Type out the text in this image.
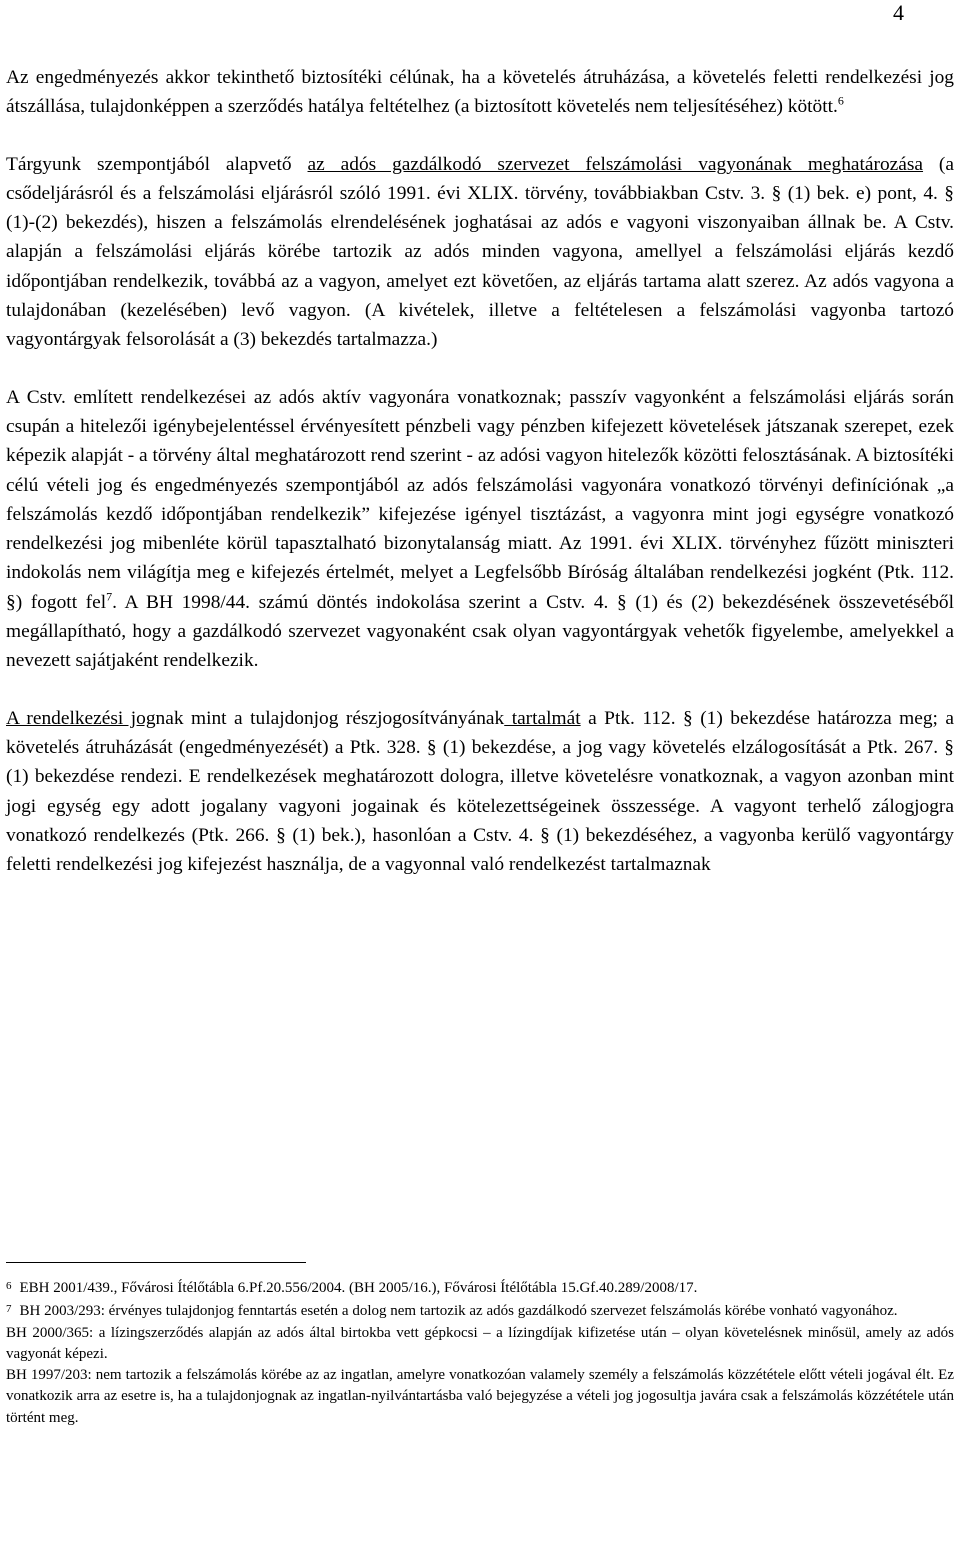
4

Az engedményezés akkor tekinthető biztosítéki célúnak, ha a követelés átruházása, a követelés feletti rendelkezési jog átszállása, tulajdonképpen a szerződés hatálya feltételhez (a biztosított követelés nem teljesítéséhez) kötött.$^6$

Tárgyunk szempontjából alapvető az adós gazdálkodó szervezet felszámolási vagyonának meghatározása (a csődeljárásról és a felszámolási eljárásról szóló 1991. évi XLIX. törvény, továbbiakban Cstv. 3. § (1) bek. e) pont, 4. § (1)-(2) bekezdés), hiszen a felszámolás elrendelésének joghatásai az adós e vagyoni viszonyaiban állnak be. A Cstv. alapján a felszámolási eljárás körébe tartozik az adós minden vagyona, amellyel a felszámolási eljárás kezdő időpontjában rendelkezik, továbbá az a vagyon, amelyet ezt követően, az eljárás tartama alatt szerez. Az adós vagyona a tulajdonában (kezelésében) levő vagyon. (A kivételek, illetve a feltételesen a felszámolási vagyonba tartozó vagyontárgyak felsorolását a (3) bekezdés tartalmazza.)

A Cstv. említett rendelkezései az adós aktív vagyonára vonatkoznak; passzív vagyonként a felszámolási eljárás során csupán a hitelezői igénybejelentéssel érvényesített pénzbeli vagy pénzben kifejezett követelések játszanak szerepet, ezek képezik alapját - a törvény által meghatározott rend szerint - az adósi vagyon hitelezők közötti felosztásának. A biztosítéki célú vételi jog és engedményezés szempontjából az adós felszámolási vagyonára vonatkozó törvényi definíciónak „a felszámolás kezdő időpontjában rendelkezik” kifejezése igényel tisztázást, a vagyonra mint jogi egységre vonatkozó rendelkezési jog mibenléte körül tapasztalható bizonytalanság miatt. Az 1991. évi XLIX. törvényhez fűzött miniszteri indokolás nem világítja meg e kifejezés értelmét, melyet a Legfelsőbb Bíróság általában rendelkezési jogként (Ptk. 112. §) fogott fel$^7$. A BH 1998/44. számú döntés indokolása szerint a Cstv. 4. § (1) és (2) bekezdésének összevetéséből megállapítható, hogy a gazdálkodó szervezet vagyonaként csak olyan vagyontárgyak vehetők figyelembe, amelyekkel a nevezett sajátjaként rendelkezik.

A rendelkezési jognak mint a tulajdonjog részjogosítványának tartalmát a Ptk. 112. § (1) bekezdése határozza meg; a követelés átruházását (engedményezését) a Ptk. 328. § (1) bekezdése, a jog vagy követelés elzálogosítását a Ptk. 267. § (1) bekezdése rendezi. E rendelkezések meghatározott dologra, illetve követelésre vonatkoznak, a vagyon azonban mint jogi egység egy adott jogalany vagyoni jogainak és kötelezettségeinek összessége. A vagyont terhelő zálogjogra vonatkozó rendelkezés (Ptk. 266. § (1) bek.), hasonlóan a Cstv. 4. § (1) bekezdéséhez, a vagyonba kerülő vagyontárgy feletti rendelkezési jog kifejezést használja, de a vagyonnal való rendelkezést tartalmaznak

$^6$ EBH 2001/439., Fővárosi Ítélőtábla 6.Pf.20.556/2004. (BH 2005/16.), Fővárosi Ítélőtábla 15.Gf.40.289/2008/17.

$^7$ BH 2003/293: érvényes tulajdonjog fenntartás esetén a dolog nem tartozik az adós gazdálkodó szervezet felszámolás körébe vonható vagyonához.

BH 2000/365: a lízingszerződés alapján az adós által birtokba vett gépkocsi – a lízingdíjak kifizetése után – olyan követelésnek minősül, amely az adós vagyonát képezi.

BH 1997/203: nem tartozik a felszámolás körébe az az ingatlan, amelyre vonatkozóan valamely személy a felszámolás közzététele előtt vételi jogával élt. Ez vonatkozik arra az esetre is, ha a tulajdonjognak az ingatlan-nyilvántartásba való bejegyzése a vételi jog jogosultja javára csak a felszámolás közzététele után történt meg.
